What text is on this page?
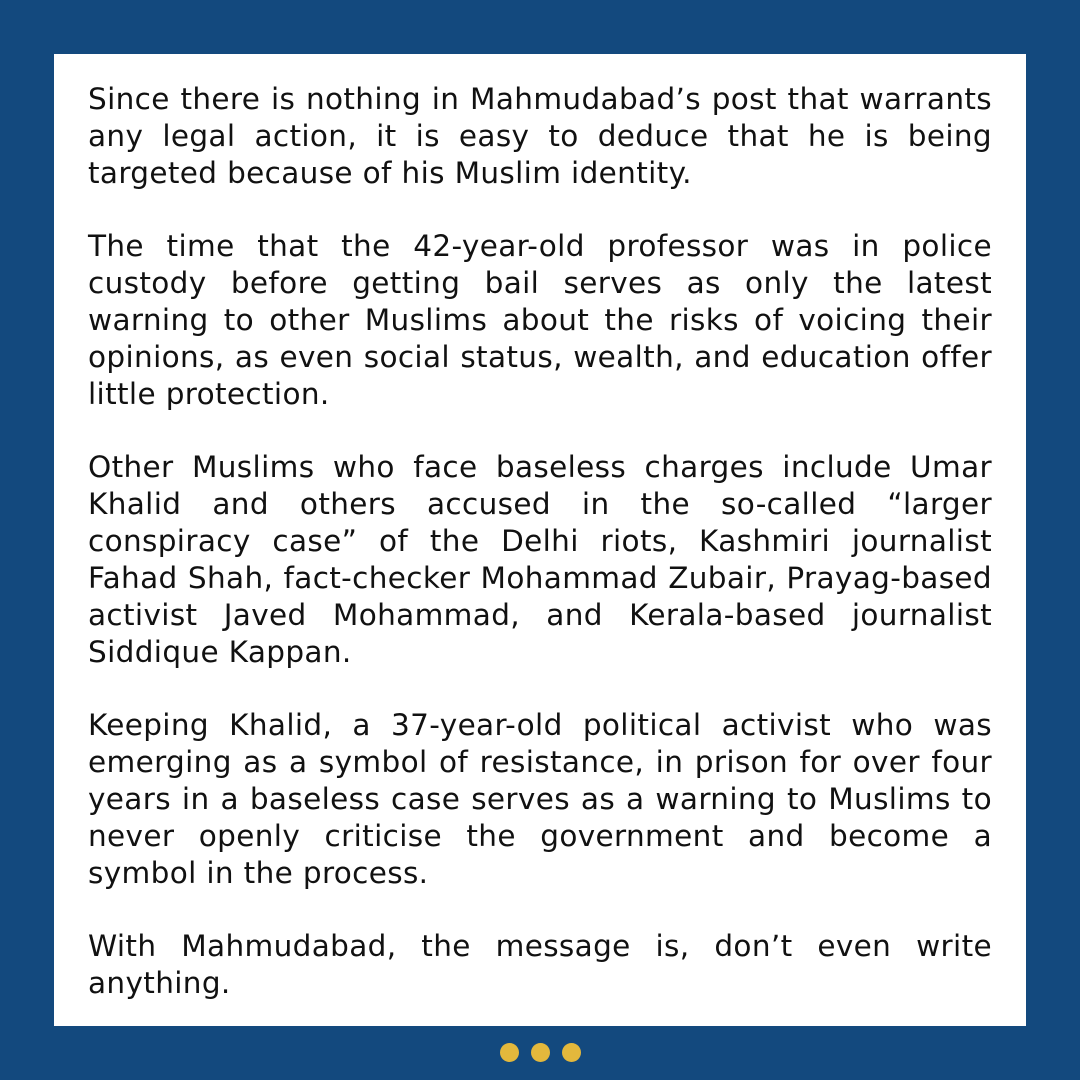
Since there is nothing in Mahmudabad’s post that warrants any legal action, it is easy to deduce that he is being targeted because of his Muslim identity.

The time that the 42-year-old professor was in police custody before getting bail serves as only the latest warning to other Muslims about the risks of voicing their opinions, as even social status, wealth, and education offer little protection.

Other Muslims who face baseless charges include Umar Khalid and others accused in the so-called “larger conspiracy case” of the Delhi riots, Kashmiri journalist Fahad Shah, fact-checker Mohammad Zubair, Prayag-based activist Javed Mohammad, and Kerala-based journalist Siddique Kappan.

Keeping Khalid, a 37-year-old political activist who was emerging as a symbol of resistance, in prison for over four years in a baseless case serves as a warning to Muslims to never openly criticise the government and become a symbol in the process.

With Mahmudabad, the message is, don’t even write anything.
